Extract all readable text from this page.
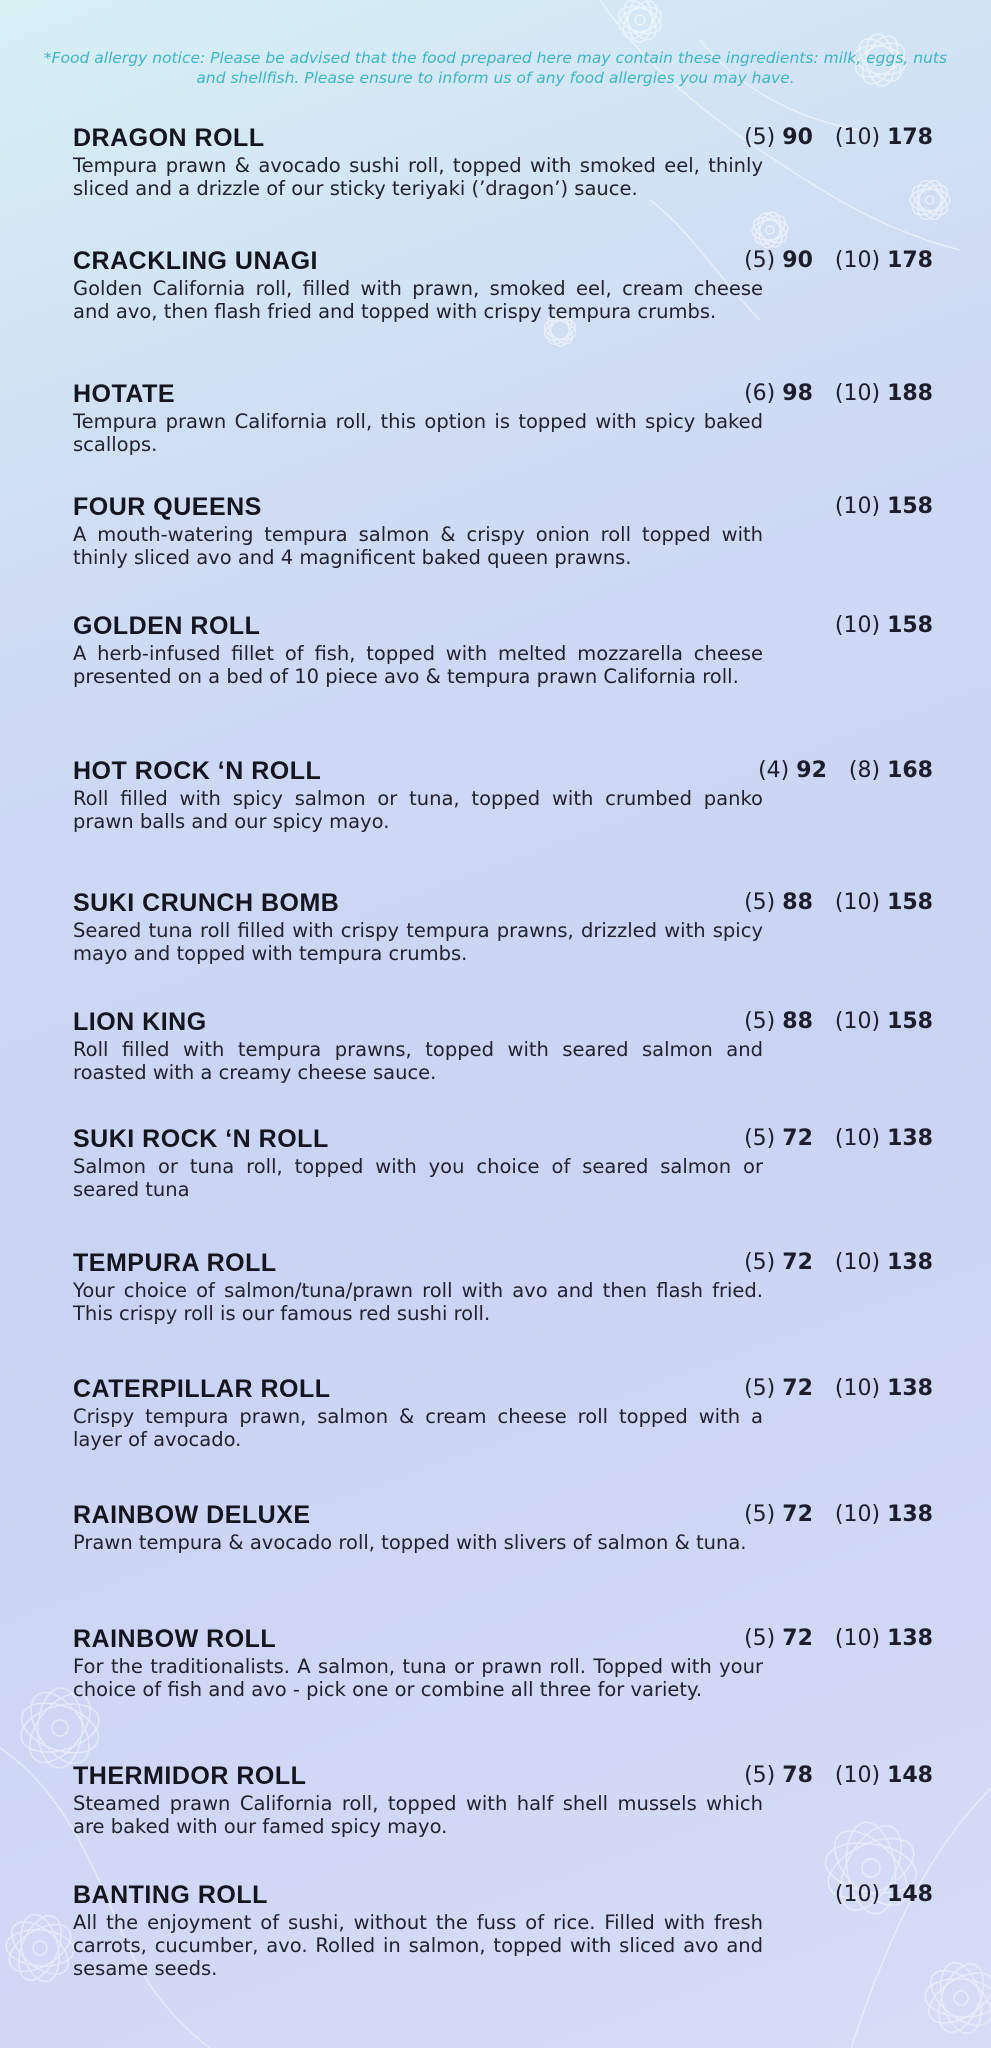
*Food allergy notice: Please be advised that the food prepared here may contain these ingredients: milk, eggs, nuts and shellfish. Please ensure to inform us of any food allergies you may have.
DRAGON ROLL
Tempura prawn & avocado sushi roll, topped with smoked eel, thinly sliced and a drizzle of our sticky teriyaki (’dragon’) sauce.
(5) 90 (10) 178
CRACKLING UNAGI
Golden California roll, filled with prawn, smoked eel, cream cheese and avo, then flash fried and topped with crispy tempura crumbs.
(5) 90 (10) 178
HOTATE
Tempura prawn California roll, this option is topped with spicy baked scallops.
(6) 98 (10) 188
FOUR QUEENS
A mouth-watering tempura salmon & crispy onion roll topped with thinly sliced avo and 4 magnificent baked queen prawns.
(10) 158
GOLDEN ROLL
A herb-infused fillet of fish, topped with melted mozzarella cheese presented on a bed of 10 piece avo & tempura prawn California roll.
(10) 158
HOT ROCK ‘N ROLL
Roll filled with spicy salmon or tuna, topped with crumbed panko prawn balls and our spicy mayo.
(4) 92 (8) 168
SUKI CRUNCH BOMB
Seared tuna roll filled with crispy tempura prawns, drizzled with spicy mayo and topped with tempura crumbs.
(5) 88 (10) 158
LION KING
Roll filled with tempura prawns, topped with seared salmon and roasted with a creamy cheese sauce.
(5) 88 (10) 158
SUKI ROCK ‘N ROLL
Salmon or tuna roll, topped with you choice of seared salmon or seared tuna
(5) 72 (10) 138
TEMPURA ROLL
Your choice of salmon/tuna/prawn roll with avo and then flash fried. This crispy roll is our famous red sushi roll.
(5) 72 (10) 138
CATERPILLAR ROLL
Crispy tempura prawn, salmon & cream cheese roll topped with a layer of avocado.
(5) 72 (10) 138
RAINBOW DELUXE
Prawn tempura & avocado roll, topped with slivers of salmon & tuna.
(5) 72 (10) 138
RAINBOW ROLL
For the traditionalists. A salmon, tuna or prawn roll. Topped with your choice of fish and avo - pick one or combine all three for variety.
(5) 72 (10) 138
THERMIDOR ROLL
Steamed prawn California roll, topped with half shell mussels which are baked with our famed spicy mayo.
(5) 78 (10) 148
BANTING ROLL
All the enjoyment of sushi, without the fuss of rice. Filled with fresh carrots, cucumber, avo. Rolled in salmon, topped with sliced avo and sesame seeds.
(10) 148
